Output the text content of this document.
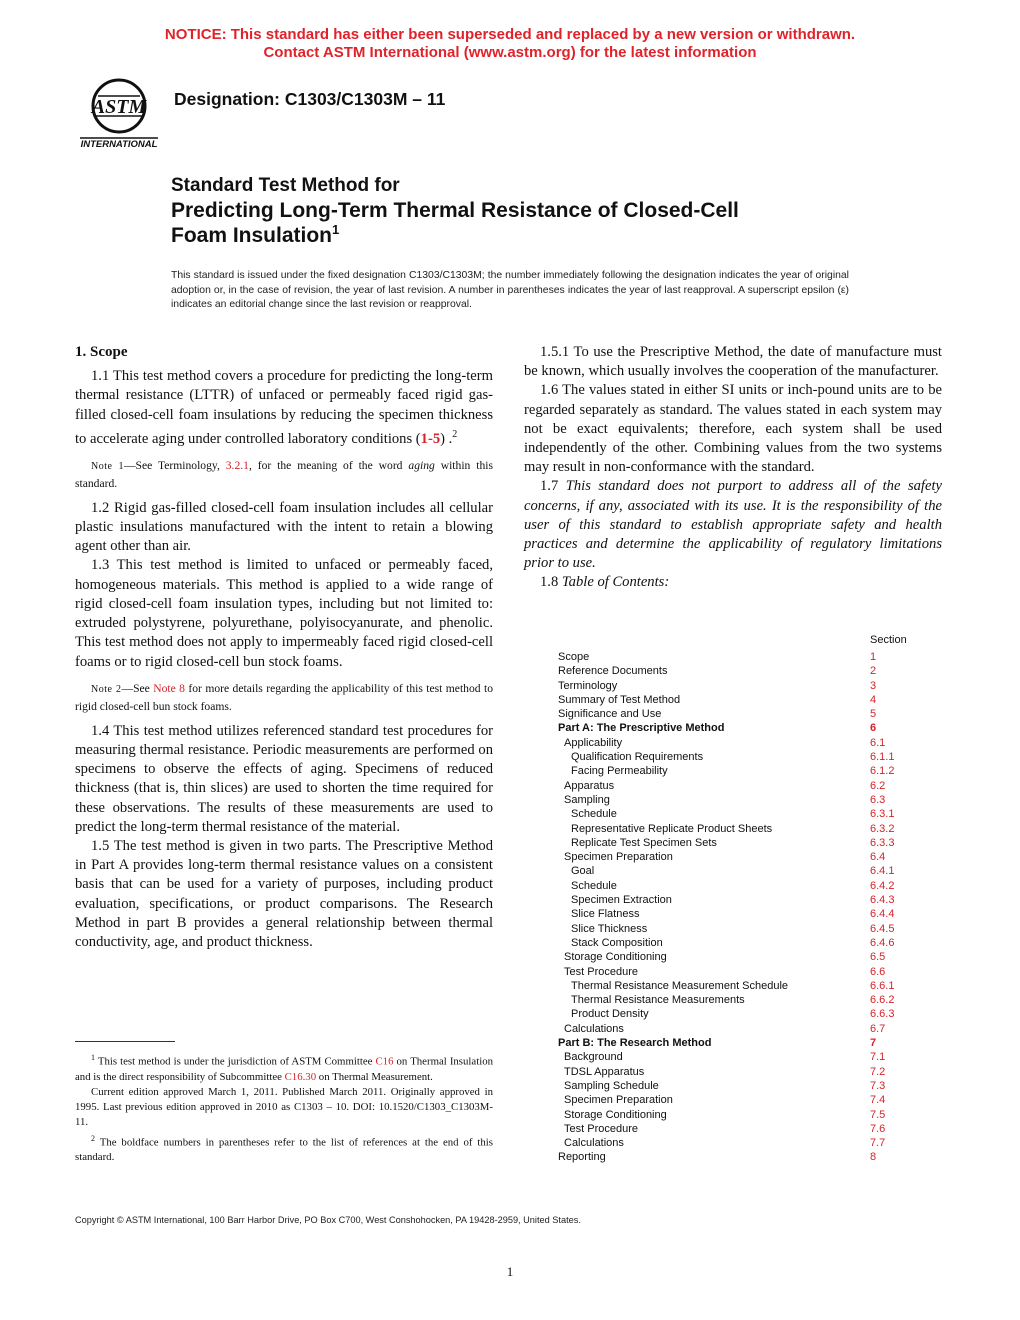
NOTICE: This standard has either been superseded and replaced by a new version or withdrawn.
Contact ASTM International (www.astm.org) for the latest information
ASTM
INTERNATIONAL
Designation: C1303/C1303M – 11
Standard Test Method for
Predicting Long-Term Thermal Resistance of Closed-Cell
Foam Insulation$^1$
This standard is issued under the fixed designation C1303/C1303M; the number immediately following the designation indicates the year of original adoption or, in the case of revision, the year of last revision. A number in parentheses indicates the year of last reapproval. A superscript epsilon (ε) indicates an editorial change since the last revision or reapproval.

1. Scope

1.1 This test method covers a procedure for predicting the long-term thermal resistance (LTTR) of unfaced or permeably faced rigid gas-filled closed-cell foam insulations by reducing the specimen thickness to accelerate aging under controlled laboratory conditions (1-5) .$^2$

Note 1—See Terminology, 3.2.1, for the meaning of the word aging within this standard.

1.2 Rigid gas-filled closed-cell foam insulation includes all cellular plastic insulations manufactured with the intent to retain a blowing agent other than air.

1.3 This test method is limited to unfaced or permeably faced, homogeneous materials. This method is applied to a wide range of rigid closed-cell foam insulation types, including but not limited to: extruded polystyrene, polyurethane, polyisocyanurate, and phenolic. This test method does not apply to impermeably faced rigid closed-cell foams or to rigid closed-cell bun stock foams.

Note 2—See Note 8 for more details regarding the applicability of this test method to rigid closed-cell bun stock foams.

1.4 This test method utilizes referenced standard test procedures for measuring thermal resistance. Periodic measurements are performed on specimens to observe the effects of aging. Specimens of reduced thickness (that is, thin slices) are used to shorten the time required for these observations. The results of these measurements are used to predict the long-term thermal resistance of the material.

1.5 The test method is given in two parts. The Prescriptive Method in Part A provides long-term thermal resistance values on a consistent basis that can be used for a variety of purposes, including product evaluation, specifications, or product comparisons. The Research Method in part B provides a general relationship between thermal conductivity, age, and product thickness.

1.5.1 To use the Prescriptive Method, the date of manufacture must be known, which usually involves the cooperation of the manufacturer.

1.6 The values stated in either SI units or inch-pound units are to be regarded separately as standard. The values stated in each system may not be exact equivalents; therefore, each system shall be used independently of the other. Combining values from the two systems may result in non-conformance with the standard.

1.7 This standard does not purport to address all of the safety concerns, if any, associated with its use. It is the responsibility of the user of this standard to establish appropriate safety and health practices and determine the applicability of regulatory limitations prior to use.

1.8 Table of Contents:

Section
Scope	1
Reference Documents	2
Terminology	3
Summary of Test Method	4
Significance and Use	5
Part A: The Prescriptive Method	6
Applicability	6.1
Qualification Requirements	6.1.1
Facing Permeability	6.1.2
Apparatus	6.2
Sampling	6.3
Schedule	6.3.1
Representative Replicate Product Sheets	6.3.2
Replicate Test Specimen Sets	6.3.3
Specimen Preparation	6.4
Goal	6.4.1
Schedule	6.4.2
Specimen Extraction	6.4.3
Slice Flatness	6.4.4
Slice Thickness	6.4.5
Stack Composition	6.4.6
Storage Conditioning	6.5
Test Procedure	6.6
Thermal Resistance Measurement Schedule	6.6.1
Thermal Resistance Measurements	6.6.2
Product Density	6.6.3
Calculations	6.7
Part B: The Research Method	7
Background	7.1
TDSL Apparatus	7.2
Sampling Schedule	7.3
Specimen Preparation	7.4
Storage Conditioning	7.5
Test Procedure	7.6
Calculations	7.7
Reporting	8

$^1$ This test method is under the jurisdiction of ASTM Committee C16 on Thermal Insulation and is the direct responsibility of Subcommittee C16.30 on Thermal Measurement.

Current edition approved March 1, 2011. Published March 2011. Originally approved in 1995. Last previous edition approved in 2010 as C1303 – 10. DOI: 10.1520/C1303_C1303M-11.

$^2$ The boldface numbers in parentheses refer to the list of references at the end of this standard.

Copyright © ASTM International, 100 Barr Harbor Drive, PO Box C700, West Conshohocken, PA 19428-2959, United States.
1
